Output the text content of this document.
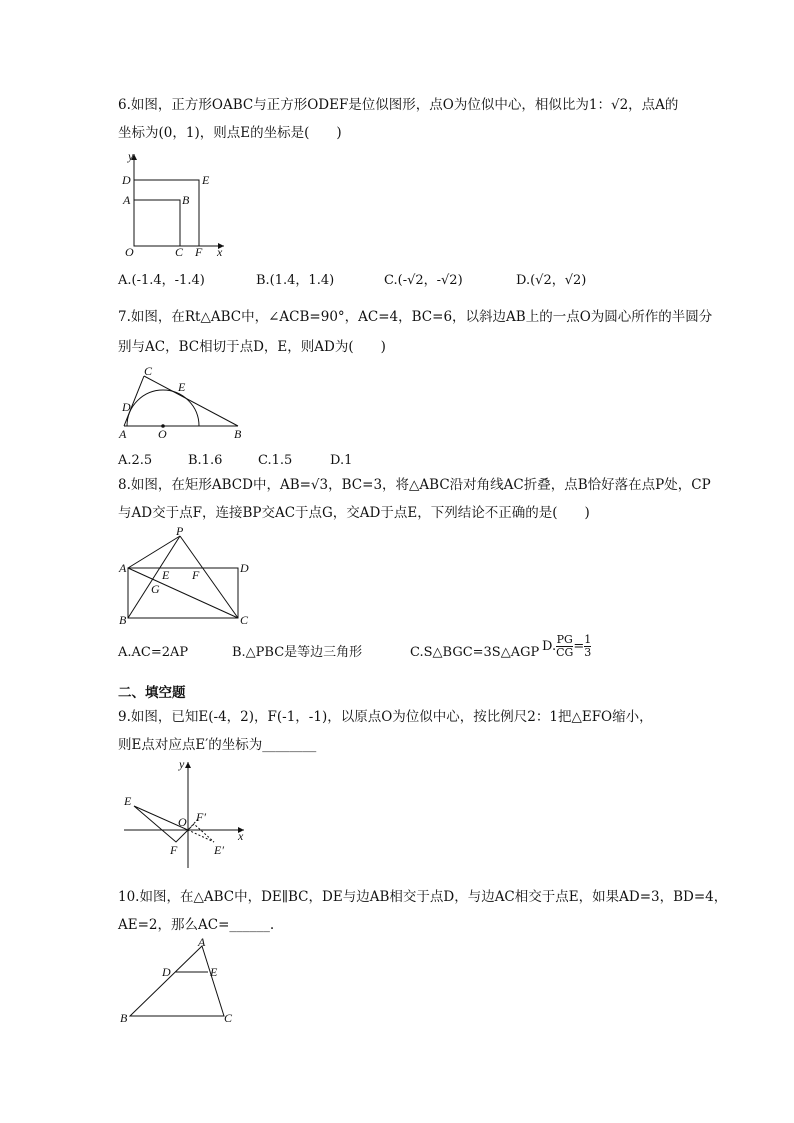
6.如图，正方形OABC与正方形ODEF是位似图形，点O为位似中心，相似比为1：√2，点A的
坐标为(0，1)，则点E的坐标是(　　)
y
D	E
A	B
O	C F x
A.(-1.4，-1.4)	B.(1.4，1.4)	C.(-√2，-√2)	D.(√2，√2)
7.如图，在Rt△ABC中，∠ACB=90°，AC=4，BC=6，以斜边AB上的一点O为圆心所作的半圆分
别与AC，BC相切于点D，E，则AD为(　　)
C
E
D
A	O	B
A.2.5	B.1.6	C.1.5	D.1
8.如图，在矩形ABCD中，AB=√3，BC=3，将△ABC沿对角线AC折叠，点B恰好落在点P处，CP
与AD交于点F，连接BP交AC于点G，交AD于点E，下列结论不正确的是(　　)
P
A	E F	D
G
B	C
A.AC=2AP	B.△PBC是等边三角形	C.S△BGC=3S△AGP D. $\frac{PG}{CG} = \frac{1}{3}$
二、填空题
9.如图，已知E(-4，2)，F(-1，-1)，以原点O为位似中心，按比例尺2：1把△EFO缩小，
则E点对应点E′的坐标为________
y
E
F′
O
x
F	E′
10.如图，在△ABC中，DE∥BC，DE与边AB相交于点D，与边AC相交于点E，如果AD=3，BD=4，
AE=2，那么AC=______.
A
D	E
B	C
